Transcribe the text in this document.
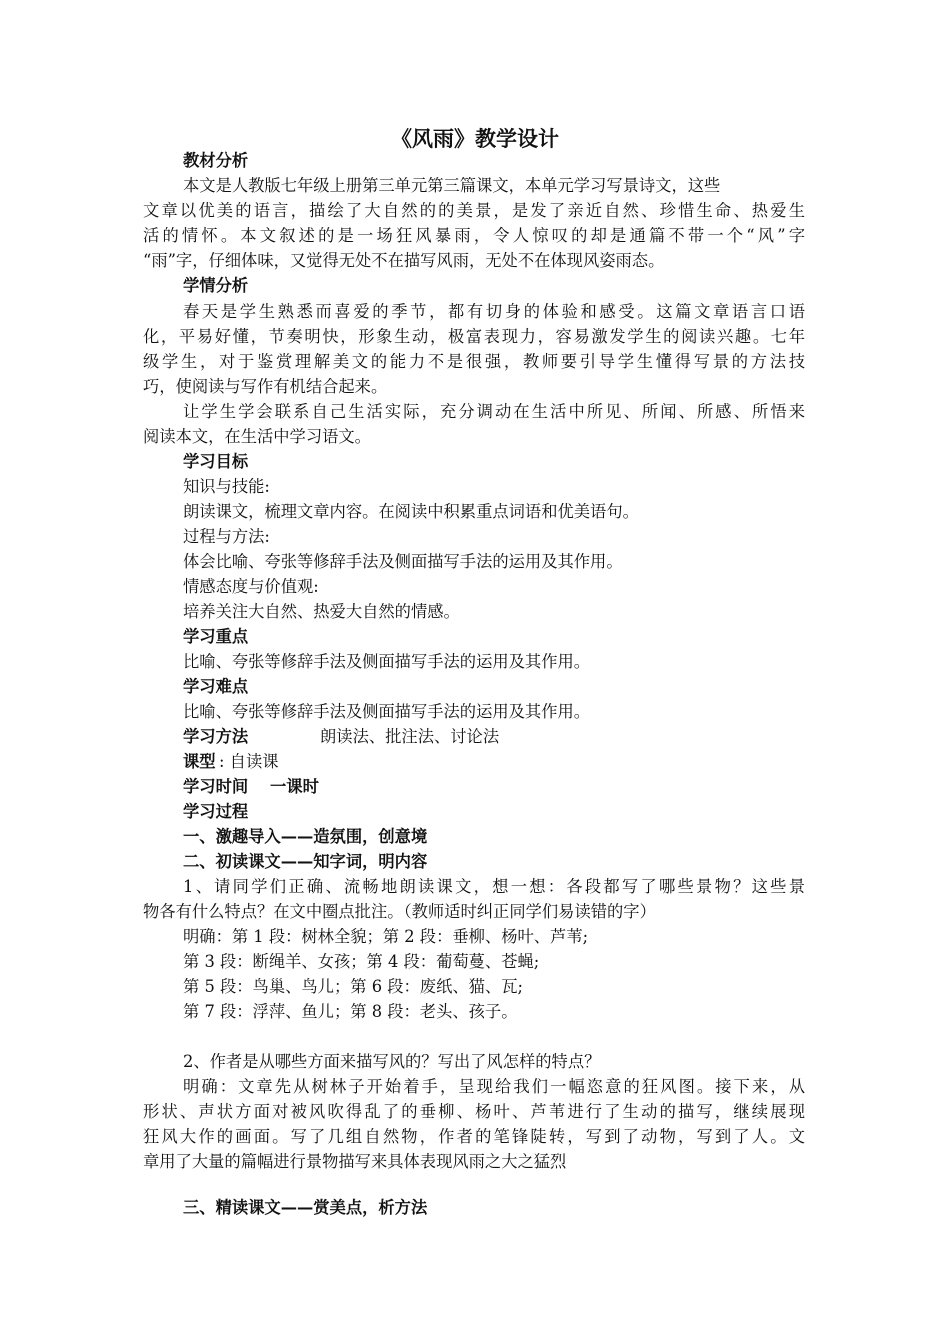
《风雨》教学设计
教材分析
本文是人教版七年级上册第三单元第三篇课文，本单元学习写景诗文，这些
文章以优美的语言，描绘了大自然的的美景，是发了亲近自然、珍惜生命、热爱生
活的情怀。本文叙述的是一场狂风暴雨，令人惊叹的却是通篇不带一个“风”字
“雨”字，仔细体味，又觉得无处不在描写风雨，无处不在体现风姿雨态。
学情分析
春天是学生熟悉而喜爱的季节，都有切身的体验和感受。这篇文章语言口语
化，平易好懂，节奏明快，形象生动，极富表现力，容易激发学生的阅读兴趣。七年
级学生，对于鉴赏理解美文的能力不是很强，教师要引导学生懂得写景的方法技
巧，使阅读与写作有机结合起来。
让学生学会联系自己生活实际，充分调动在生活中所见、所闻、所感、所悟来
阅读本文，在生活中学习语文。
学习目标
知识与技能:
朗读课文，梳理文章内容。在阅读中积累重点词语和优美语句。
过程与方法:
体会比喻、夸张等修辞手法及侧面描写手法的运用及其作用。
情感态度与价值观:
培养关注大自然、热爱大自然的情感。
学习重点
比喻、夸张等修辞手法及侧面描写手法的运用及其作用。
学习难点
比喻、夸张等修辞手法及侧面描写手法的运用及其作用。
学习方法	朗读法、批注法、讨论法
课型 : 自读课
学习时间 一课时
学习过程
一、激趣导入——造氛围，创意境
二、初读课文——知字词，明内容
1、请同学们正确、流畅地朗读课文，想一想：各段都写了哪些景物？这些景
物各有什么特点？在文中圈点批注。（教师适时纠正同学们易读错的字）
明确：第 1 段：树林全貌；第 2 段：垂柳、杨叶、芦苇;
第 3 段：断绳羊、女孩；第 4 段：葡萄蔓、苍蝇;
第 5 段：鸟巢、鸟儿；第 6 段：废纸、猫、瓦;
第 7 段：浮萍、鱼儿；第 8 段：老头、孩子。
2、作者是从哪些方面来描写风的？写出了风怎样的特点？
明确：文章先从树林子开始着手，呈现给我们一幅恣意的狂风图。接下来，从
形状、声状方面对被风吹得乱了的垂柳、杨叶、芦苇进行了生动的描写，继续展现
狂风大作的画面。写了几组自然物，作者的笔锋陡转，写到了动物，写到了人。文
章用了大量的篇幅进行景物描写来具体表现风雨之大之猛烈
三、精读课文——赏美点，析方法
